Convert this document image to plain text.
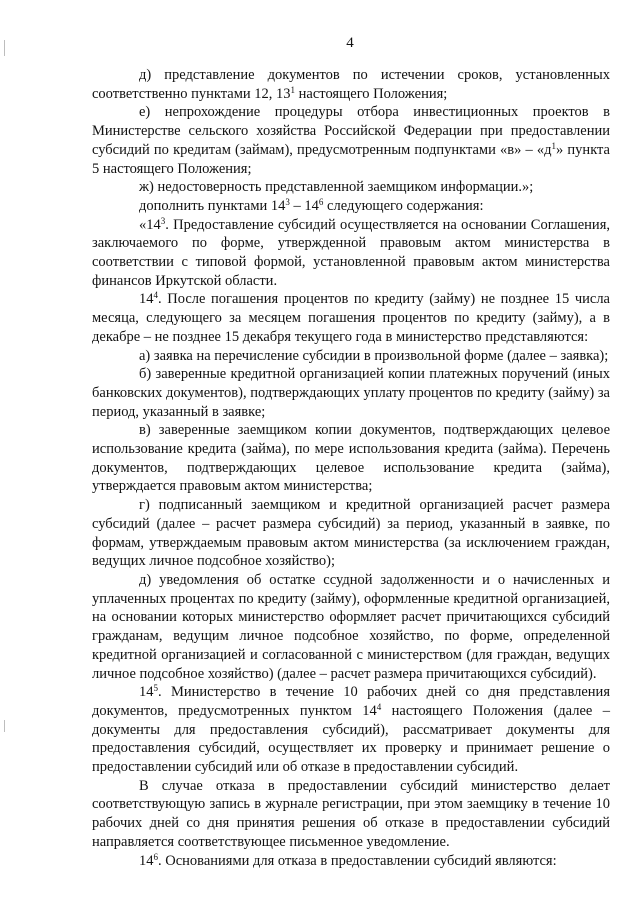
4

д) представление документов по истечении сроков, установленных соответственно пунктами 12, $13^1$ настоящего Положения;

е) непрохождение процедуры отбора инвестиционных проектов в Министерстве сельского хозяйства Российской Федерации при предоставлении субсидий по кредитам (займам), предусмотренным подпунктами «в» – «$д^1$» пункта 5 настоящего Положения;

ж) недостоверность представленной заемщиком информации.»;

дополнить пунктами $14^3 - 14^6$ следующего содержания:

«$14^3$. Предоставление субсидий осуществляется на основании Соглашения, заключаемого по форме, утвержденной правовым актом министерства в соответствии с типовой формой, установленной правовым актом министерства финансов Иркутской области.

$14^4$. После погашения процентов по кредиту (займу) не позднее 15 числа месяца, следующего за месяцем погашения процентов по кредиту (займу), а в декабре – не позднее 15 декабря текущего года в министерство представляются:

а) заявка на перечисление субсидии в произвольной форме (далее – заявка);

б) заверенные кредитной организацией копии платежных поручений (иных банковских документов), подтверждающих уплату процентов по кредиту (займу) за период, указанный в заявке;

в) заверенные заемщиком копии документов, подтверждающих целевое использование кредита (займа), по мере использования кредита (займа). Перечень документов, подтверждающих целевое использование кредита (займа), утверждается правовым актом министерства;

г) подписанный заемщиком и кредитной организацией расчет размера субсидий (далее – расчет размера субсидий) за период, указанный в заявке, по формам, утверждаемым правовым актом министерства (за исключением граждан, ведущих личное подсобное хозяйство);

д) уведомления об остатке ссудной задолженности и о начисленных и уплаченных процентах по кредиту (займу), оформленные кредитной организацией, на основании которых министерство оформляет расчет причитающихся субсидий гражданам, ведущим личное подсобное хозяйство, по форме, определенной кредитной организацией и согласованной с министерством (для граждан, ведущих личное подсобное хозяйство) (далее – расчет размера причитающихся субсидий).

$14^5$. Министерство в течение 10 рабочих дней со дня представления документов, предусмотренных пунктом $14^4$ настоящего Положения (далее – документы для предоставления субсидий), рассматривает документы для предоставления субсидий, осуществляет их проверку и принимает решение о предоставлении субсидий или об отказе в предоставлении субсидий.

В случае отказа в предоставлении субсидий министерство делает соответствующую запись в журнале регистрации, при этом заемщику в течение 10 рабочих дней со дня принятия решения об отказе в предоставлении субсидий направляется соответствующее письменное уведомление.

$14^6$. Основаниями для отказа в предоставлении субсидий являются:
